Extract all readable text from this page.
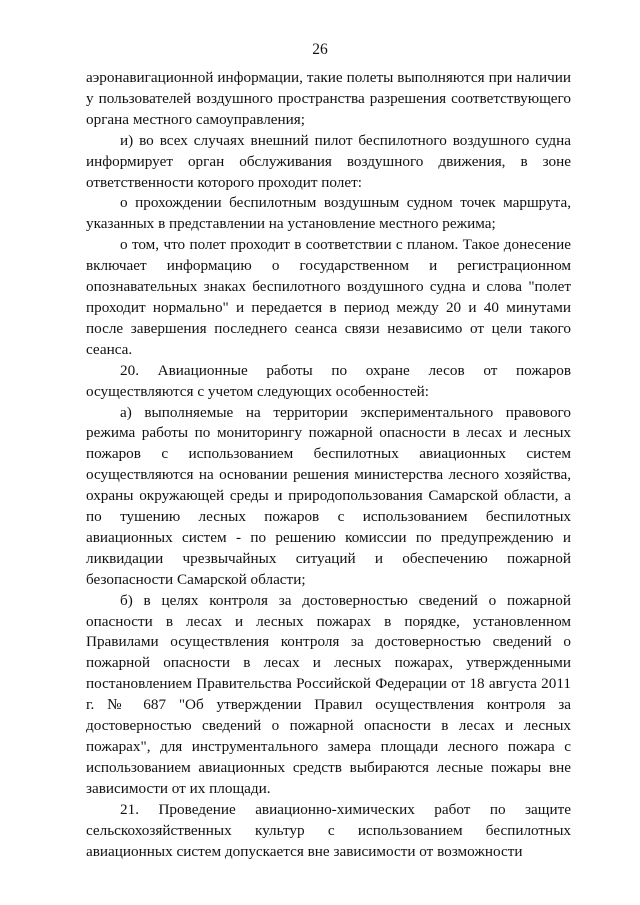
26

аэронавигационной информации, такие полеты выполняются при наличии у пользователей воздушного пространства разрешения соответствующего органа местного самоуправления;

и) во всех случаях внешний пилот беспилотного воздушного судна информирует орган обслуживания воздушного движения, в зоне ответственности которого проходит полет:

о прохождении беспилотным воздушным судном точек маршрута, указанных в представлении на установление местного режима;

о том, что полет проходит в соответствии с планом. Такое донесение включает информацию о государственном и регистрационном опознавательных знаках беспилотного воздушного судна и слова "полет проходит нормально" и передается в период между 20 и 40 минутами после завершения последнего сеанса связи независимо от цели такого сеанса.

20. Авиационные работы по охране лесов от пожаров осуществляются с учетом следующих особенностей:

а) выполняемые на территории экспериментального правового режима работы по мониторингу пожарной опасности в лесах и лесных пожаров с использованием беспилотных авиационных систем осуществляются на основании решения министерства лесного хозяйства, охраны окружающей среды и природопользования Самарской области, а по тушению лесных пожаров с использованием беспилотных авиационных систем - по решению комиссии по предупреждению и ликвидации чрезвычайных ситуаций и обеспечению пожарной безопасности Самарской области;

б) в целях контроля за достоверностью сведений о пожарной опасности в лесах и лесных пожарах в порядке, установленном Правилами осуществления контроля за достоверностью сведений о пожарной опасности в лесах и лесных пожарах, утвержденными постановлением Правительства Российской Федерации от 18 августа 2011 г. № 687 "Об утверждении Правил осуществления контроля за достоверностью сведений о пожарной опасности в лесах и лесных пожарах", для инструментального замера площади лесного пожара с использованием авиационных средств выбираются лесные пожары вне зависимости от их площади.

21. Проведение авиационно-химических работ по защите сельскохозяйственных культур с использованием беспилотных авиационных систем допускается вне зависимости от возможности
